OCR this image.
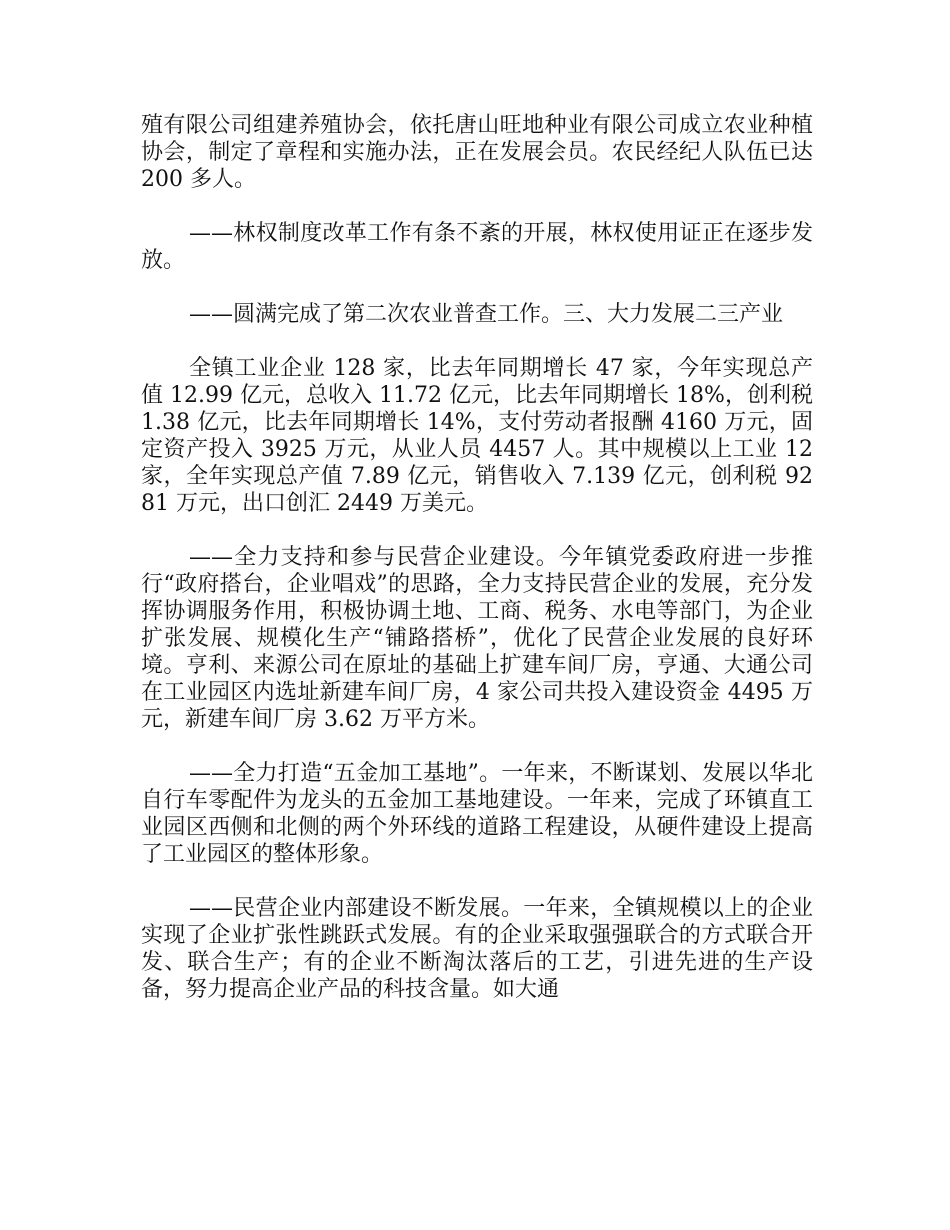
殖有限公司组建养殖协会，依托唐山旺地种业有限公司成立农业种植协会，制定了章程和实施办法，正在发展会员。农民经纪人队伍已达 200 多人。

——林权制度改革工作有条不紊的开展，林权使用证正在逐步发放。

——圆满完成了第二次农业普查工作。三、大力发展二三产业

全镇工业企业 128 家，比去年同期增长 47 家，今年实现总产值 12.99 亿元，总收入 11.72 亿元，比去年同期增长 18%，创利税 1.38 亿元，比去年同期增长 14%，支付劳动者报酬 4160 万元，固定资产投入 3925 万元，从业人员 4457 人。其中规模以上工业 12 家，全年实现总产值 7.89 亿元，销售收入 7.139 亿元，创利税 9281 万元，出口创汇 2449 万美元。

——全力支持和参与民营企业建设。今年镇党委政府进一步推行“政府搭台，企业唱戏”的思路，全力支持民营企业的发展，充分发挥协调服务作用，积极协调土地、工商、税务、水电等部门，为企业扩张发展、规模化生产“铺路搭桥”，优化了民营企业发展的良好环境。亨利、来源公司在原址的基础上扩建车间厂房，亨通、大通公司在工业园区内选址新建车间厂房，4 家公司共投入建设资金 4495 万元，新建车间厂房 3.62 万平方米。

——全力打造“五金加工基地”。一年来，不断谋划、发展以华北自行车零配件为龙头的五金加工基地建设。一年来，完成了环镇直工业园区西侧和北侧的两个外环线的道路工程建设，从硬件建设上提高了工业园区的整体形象。

——民营企业内部建设不断发展。一年来，全镇规模以上的企业实现了企业扩张性跳跃式发展。有的企业采取强强联合的方式联合开发、联合生产；有的企业不断淘汰落后的工艺，引进先进的生产设备，努力提高企业产品的科技含量。如大通
